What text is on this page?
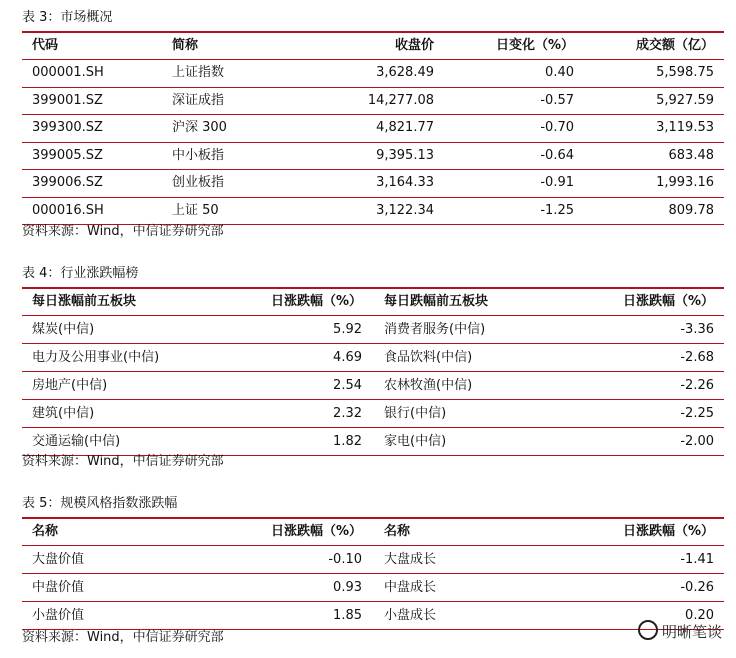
表 3：市场概况
代码	简称	收盘价	日变化（%）	成交额（亿）
000001.SH	上证指数	3,628.49	0.40	5,598.75
399001.SZ	深证成指	14,277.08	-0.57	5,927.59
399300.SZ	沪深 300	4,821.77	-0.70	3,119.53
399005.SZ	中小板指	9,395.13	-0.64	683.48
399006.SZ	创业板指	3,164.33	-0.91	1,993.16
000016.SH	上证 50	3,122.34	-1.25	809.78
资料来源：Wind，中信证券研究部
表 4：行业涨跌幅榜
每日涨幅前五板块	日涨跌幅（%） 每日跌幅前五板块	日涨跌幅（%）
煤炭(中信)	5.92 消费者服务(中信)	-3.36
电力及公用事业(中信)	4.69 食品饮料(中信)	-2.68
房地产(中信)	2.54 农林牧渔(中信)	-2.26
建筑(中信)	2.32 银行(中信)	-2.25
交通运输(中信)	1.82 家电(中信)	-2.00
资料来源：Wind，中信证券研究部
表 5：规模风格指数涨跌幅
名称	日涨跌幅（%） 名称	日涨跌幅（%）
大盘价值	-0.10 大盘成长	-1.41
中盘价值	0.93 中盘成长	-0.26
小盘价值	1.85 小盘成长	0.20
资料来源：Wind，中信证券研究部	明晰笔谈
